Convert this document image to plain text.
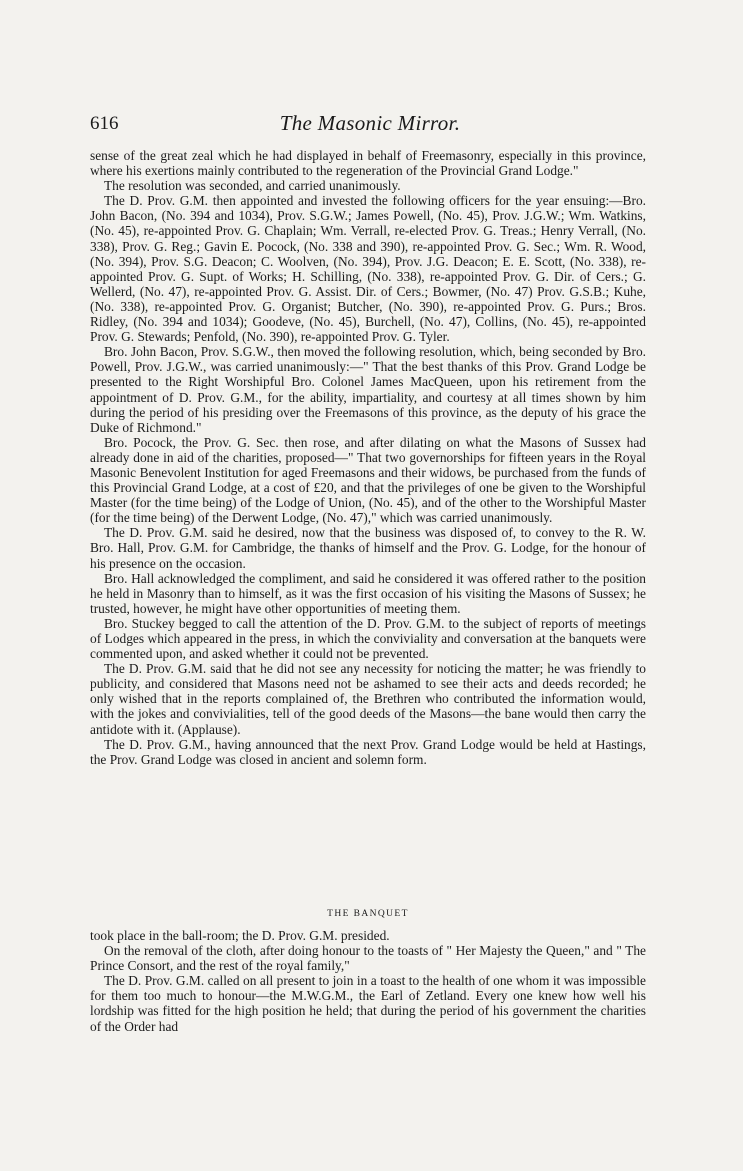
616	The Masonic Mirror.

sense of the great zeal which he had displayed in behalf of Freemasonry, especially in this province, where his exertions mainly contributed to the regeneration of the Provincial Grand Lodge."

The resolution was seconded, and carried unanimously.

The D. Prov. G.M. then appointed and invested the following officers for the year ensuing:—Bro. John Bacon, (No. 394 and 1034), Prov. S.G.W.; James Powell, (No. 45), Prov. J.G.W.; Wm. Watkins, (No. 45), re-appointed Prov. G. Chaplain; Wm. Verrall, re-elected Prov. G. Treas.; Henry Verrall, (No. 338), Prov. G. Reg.; Gavin E. Pocock, (No. 338 and 390), re-appointed Prov. G. Sec.; Wm. R. Wood, (No. 394), Prov. S.G. Deacon; C. Woolven, (No. 394), Prov. J.G. Deacon; E. E. Scott, (No. 338), re-appointed Prov. G. Supt. of Works; H. Schilling, (No. 338), re-appointed Prov. G. Dir. of Cers.; G. Wellerd, (No. 47), re-appointed Prov. G. Assist. Dir. of Cers.; Bowmer, (No. 47) Prov. G.S.B.; Kuhe, (No. 338), re-appointed Prov. G. Organist; Butcher, (No. 390), re-appointed Prov. G. Purs.; Bros. Ridley, (No. 394 and 1034); Goodeve, (No. 45), Burchell, (No. 47), Collins, (No. 45), re-appointed Prov. G. Stewards; Penfold, (No. 390), re-appointed Prov. G. Tyler.

Bro. John Bacon, Prov. S.G.W., then moved the following resolution, which, being seconded by Bro. Powell, Prov. J.G.W., was carried unanimously:—" That the best thanks of this Prov. Grand Lodge be presented to the Right Worshipful Bro. Colonel James MacQueen, upon his retirement from the appointment of D. Prov. G.M., for the ability, impartiality, and courtesy at all times shown by him during the period of his presiding over the Freemasons of this province, as the deputy of his grace the Duke of Richmond."

Bro. Pocock, the Prov. G. Sec. then rose, and after dilating on what the Masons of Sussex had already done in aid of the charities, proposed—" That two governorships for fifteen years in the Royal Masonic Benevolent Institution for aged Freemasons and their widows, be purchased from the funds of this Provincial Grand Lodge, at a cost of £20, and that the privileges of one be given to the Worshipful Master (for the time being) of the Lodge of Union, (No. 45), and of the other to the Worshipful Master (for the time being) of the Derwent Lodge, (No. 47)," which was carried unanimously.

The D. Prov. G.M. said he desired, now that the business was disposed of, to convey to the R. W. Bro. Hall, Prov. G.M. for Cambridge, the thanks of himself and the Prov. G. Lodge, for the honour of his presence on the occasion.

Bro. Hall acknowledged the compliment, and said he considered it was offered rather to the position he held in Masonry than to himself, as it was the first occasion of his visiting the Masons of Sussex; he trusted, however, he might have other opportunities of meeting them.

Bro. Stuckey begged to call the attention of the D. Prov. G.M. to the subject of reports of meetings of Lodges which appeared in the press, in which the conviviality and conversation at the banquets were commented upon, and asked whether it could not be prevented.

The D. Prov. G.M. said that he did not see any necessity for noticing the matter; he was friendly to publicity, and considered that Masons need not be ashamed to see their acts and deeds recorded; he only wished that in the reports complained of, the Brethren who contributed the information would, with the jokes and convivialities, tell of the good deeds of the Masons—the bane would then carry the antidote with it. (Applause).

The D. Prov. G.M., having announced that the next Prov. Grand Lodge would be held at Hastings, the Prov. Grand Lodge was closed in ancient and solemn form.

THE BANQUET

took place in the ball-room; the D. Prov. G.M. presided.

On the removal of the cloth, after doing honour to the toasts of " Her Majesty the Queen," and " The Prince Consort, and the rest of the royal family,"

The D. Prov. G.M. called on all present to join in a toast to the health of one whom it was impossible for them too much to honour—the M.W.G.M., the Earl of Zetland. Every one knew how well his lordship was fitted for the high position he held; that during the period of his government the charities of the Order had
